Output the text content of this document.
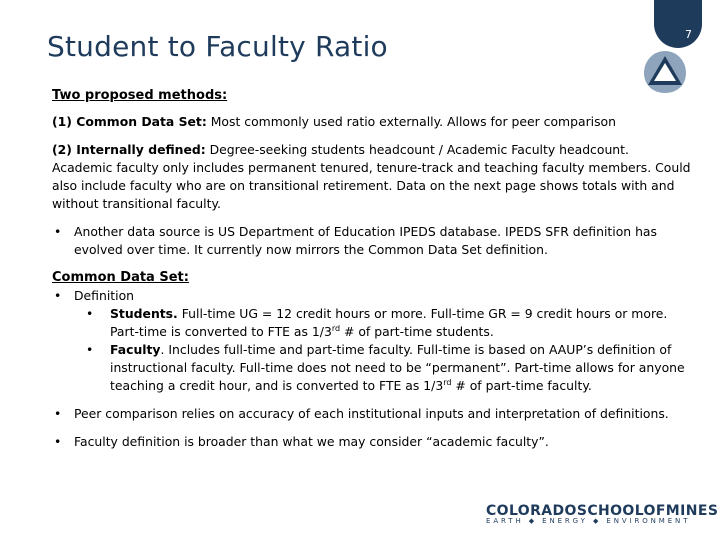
Student to Faculty Ratio	7
Two proposed methods:

(1) Common Data Set: Most commonly used ratio externally. Allows for peer comparison

(2) Internally defined: Degree-seeking students headcount / Academic Faculty headcount. Academic faculty only includes permanent tenured, tenure-track and teaching faculty members. Could also include faculty who are on transitional retirement. Data on the next page shows totals with and without transitional faculty.

• Another data source is US Department of Education IPEDS database. IPEDS SFR definition has evolved over time. It currently now mirrors the Common Data Set definition.
Common Data Set:
• Definition
• Students. Full-time UG = 12 credit hours or more. Full-time GR = 9 credit hours or more. Part-time is converted to FTE as 1/3rd # of part-time students.
• Faculty. Includes full-time and part-time faculty. Full-time is based on AAUP’s definition of instructional faculty. Full-time does not need to be “permanent”. Part-time allows for anyone teaching a credit hour, and is converted to FTE as 1/3rd # of part-time faculty.
• Peer comparison relies on accuracy of each institutional inputs and interpretation of definitions.
• Faculty definition is broader than what we may consider “academic faculty”.
COLORADOSCHOOLOFMINES
EARTH ◆ ENERGY ◆ ENVIRONMENT
